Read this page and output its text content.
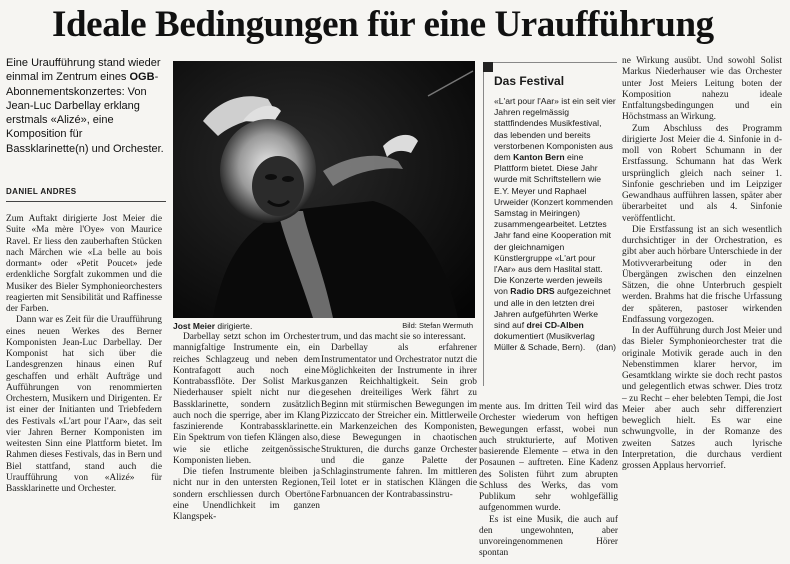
Ideale Bedingungen für eine Uraufführung

Eine Uraufführung stand wieder einmal im Zentrum eines OGB-Abonnementskonzertes: Von Jean-Luc Darbellay erklang erstmals «Alizé», eine Komposition für Bassklarinette(n) und Orchester.

DANIEL ANDRES

Zum Auftakt dirigierte Jost Meier die Suite «Ma mère l'Oye» von Maurice Ravel. Er liess den zauberhaften Stücken nach Märchen wie «La belle au bois dormant» oder «Petit Poucet» jede erdenkliche Sorgfalt zukommen und die Musiker des Bieler Symphonieorchesters reagierten mit Sensibilität und Raffinesse der Farben.

Dann war es Zeit für die Uraufführung eines neuen Werkes des Berner Komponisten Jean-Luc Darbellay. Der Komponist hat sich über die Landesgrenzen hinaus einen Ruf geschaffen und erhält Aufträge und Aufführungen von renommierten Orchestern, Musikern und Dirigenten. Er ist einer der Initianten und Triebfedern des Festivals «L'art pour l'Aar», das seit vier Jahren Berner Komponisten im weitesten Sinn eine Plattform bietet. Im Rahmen dieses Festivals, das in Bern und Biel stattfand, stand auch die Uraufführung von «Alizé» für Bassklarinette und Orchester.

Jost Meier dirigierte.	Bild: Stefan Wermuth

Darbellay setzt schon im Orchester mannigfaltige Instrumente ein, ein reiches Schlagzeug und neben dem Kontrafagott auch noch eine Kontrabassflöte. Der Solist Markus Niederhauser spielt nicht nur die Bassklarinette, sondern zusätzlich auch noch die sperrige, aber im Klang faszinierende Kontrabassklarinette. Ein Spektrum von tiefen Klängen also, wie sie etliche zeitgenössische Komponisten lieben.

Die tiefen Instrumente bleiben ja nicht nur in den untersten Regionen, sondern erschliessen durch Obertöne eine Unendlichkeit im ganzen Klangspek-

trum, und das macht sie so interessant.

Darbellay als erfahrener Instrumentator und Orchestrator nutzt die Möglichkeiten der Instrumente in ihrer ganzen Reichhaltigkeit. Sein grob gesehen dreiteiliges Werk fährt zu Beginn mit stürmischen Bewegungen im Pizziccato der Streicher ein. Mittlerweile ein Markenzeichen des Komponisten, diese Bewegungen in chaotischen Strukturen, die durchs ganze Orchester und die ganze Palette der Schlaginstrumente fahren. Im mittleren Teil lotet er in statischen Klängen die Farbnuancen der Kontrabassinstru-

Das Festival

«L'art pour l'Aar» ist ein seit vier Jahren regelmässig stattfindendes Musikfestival, das lebenden und bereits verstorbenen Komponisten aus dem Kanton Bern eine Plattform bietet. Diese Jahr wurde mit Schriftstellern wie E.Y. Meyer und Raphael Urweider (Konzert kommenden Samstag in Meiringen) zusammengearbeitet. Letztes Jahr fand eine Kooperation mit der gleichnamigen Künstlergruppe «L'art pour l'Aar» aus dem Haslital statt. Die Konzerte werden jeweils von Radio DRS aufgezeichnet und alle in den letzten drei Jahren aufgeführten Werke sind auf drei CD-Alben dokumentiert (Musikverlag Müller & Schade, Bern). (dan)

mente aus. Im dritten Teil wird das Orchester wiederum von heftigen Bewegungen erfasst, wobei nun auch strukturierte, auf Motiven basierende Elemente – etwa in den Posaunen – auftreten. Eine Kadenz des Solisten führt zum abrupten Schluss des Werks, das vom Publikum sehr wohlgefällig aufgenommen wurde.

Es ist eine Musik, die auch auf den ungewohnten, aber unvoreingenommenen Hörer spontan

ne Wirkung ausübt. Und sowohl Solist Markus Niederhauser wie das Orchester unter Jost Meiers Leitung boten der Komposition nahezu ideale Entfaltungsbedingungen und ein Höchstmass an Wirkung.

Zum Abschluss des Programm dirigierte Jost Meier die 4. Sinfonie in d-moll von Robert Schumann in der Erstfassung. Schumann hat das Werk ursprünglich gleich nach seiner 1. Sinfonie geschrieben und im Leipziger Gewandhaus aufführen lassen, später aber überarbeitet und als 4. Sinfonie veröffentlicht.

Die Erstfassung ist an sich wesentlich durchsichtiger in der Orchestration, es gibt aber auch hörbare Unterschiede in der Motivverarbeitung oder in den Übergängen zwischen den einzelnen Sätzen, die ohne Unterbruch gespielt werden. Brahms hat die frische Urfassung der späteren, pastoser wirkenden Endfassung vorgezogen.

In der Aufführung durch Jost Meier und das Bieler Symphonieorchester trat die originale Motivik gerade auch in den Nebenstimmen klarer hervor, im Gesamtklang wirkte sie doch recht pastos und gelegentlich etwas schwer. Dies trotz – zu Recht – eher belebten Tempi, die Jost Meier aber auch sehr differenziert beweglich hielt. Es war eine schwungvolle, in der Romanze des zweiten Satzes auch lyrische Interpretation, die durchaus verdient grossen Applaus hervorrief.
